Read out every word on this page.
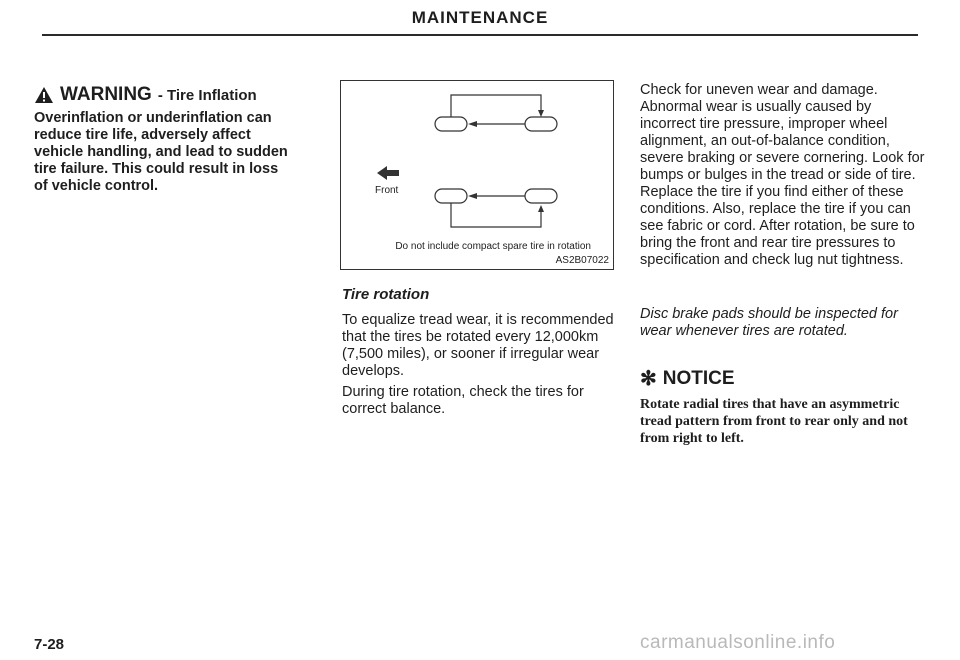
MAINTENANCE
WARNING - Tire Inflation
Overinflation or underinflation can reduce tire life, adversely affect vehicle handling, and lead to sudden tire failure. This could result in loss of vehicle control.	Front
Do not include compact spare tire in rotation
AS2B07022
Tire rotation
To equalize tread wear, it is recommended that the tires be rotated every 12,000km (7,500 miles), or sooner if irregular wear develops.
During tire rotation, check the tires for correct balance.
Check for uneven wear and damage. Abnormal wear is usually caused by incorrect tire pressure, improper wheel alignment, an out-of-balance condition, severe braking or severe cornering. Look for bumps or bulges in the tread or side of tire. Replace the tire if you find either of these conditions. Also, replace the tire if you can see fabric or cord. After rotation, be sure to bring the front and rear tire pressures to specification and check lug nut tightness.
Disc brake pads should be inspected for wear whenever tires are rotated.
✻ NOTICE
Rotate radial tires that have an asymmetric tread pattern from front to rear only and not from right to left.
7-28	carmanualsonline.info
